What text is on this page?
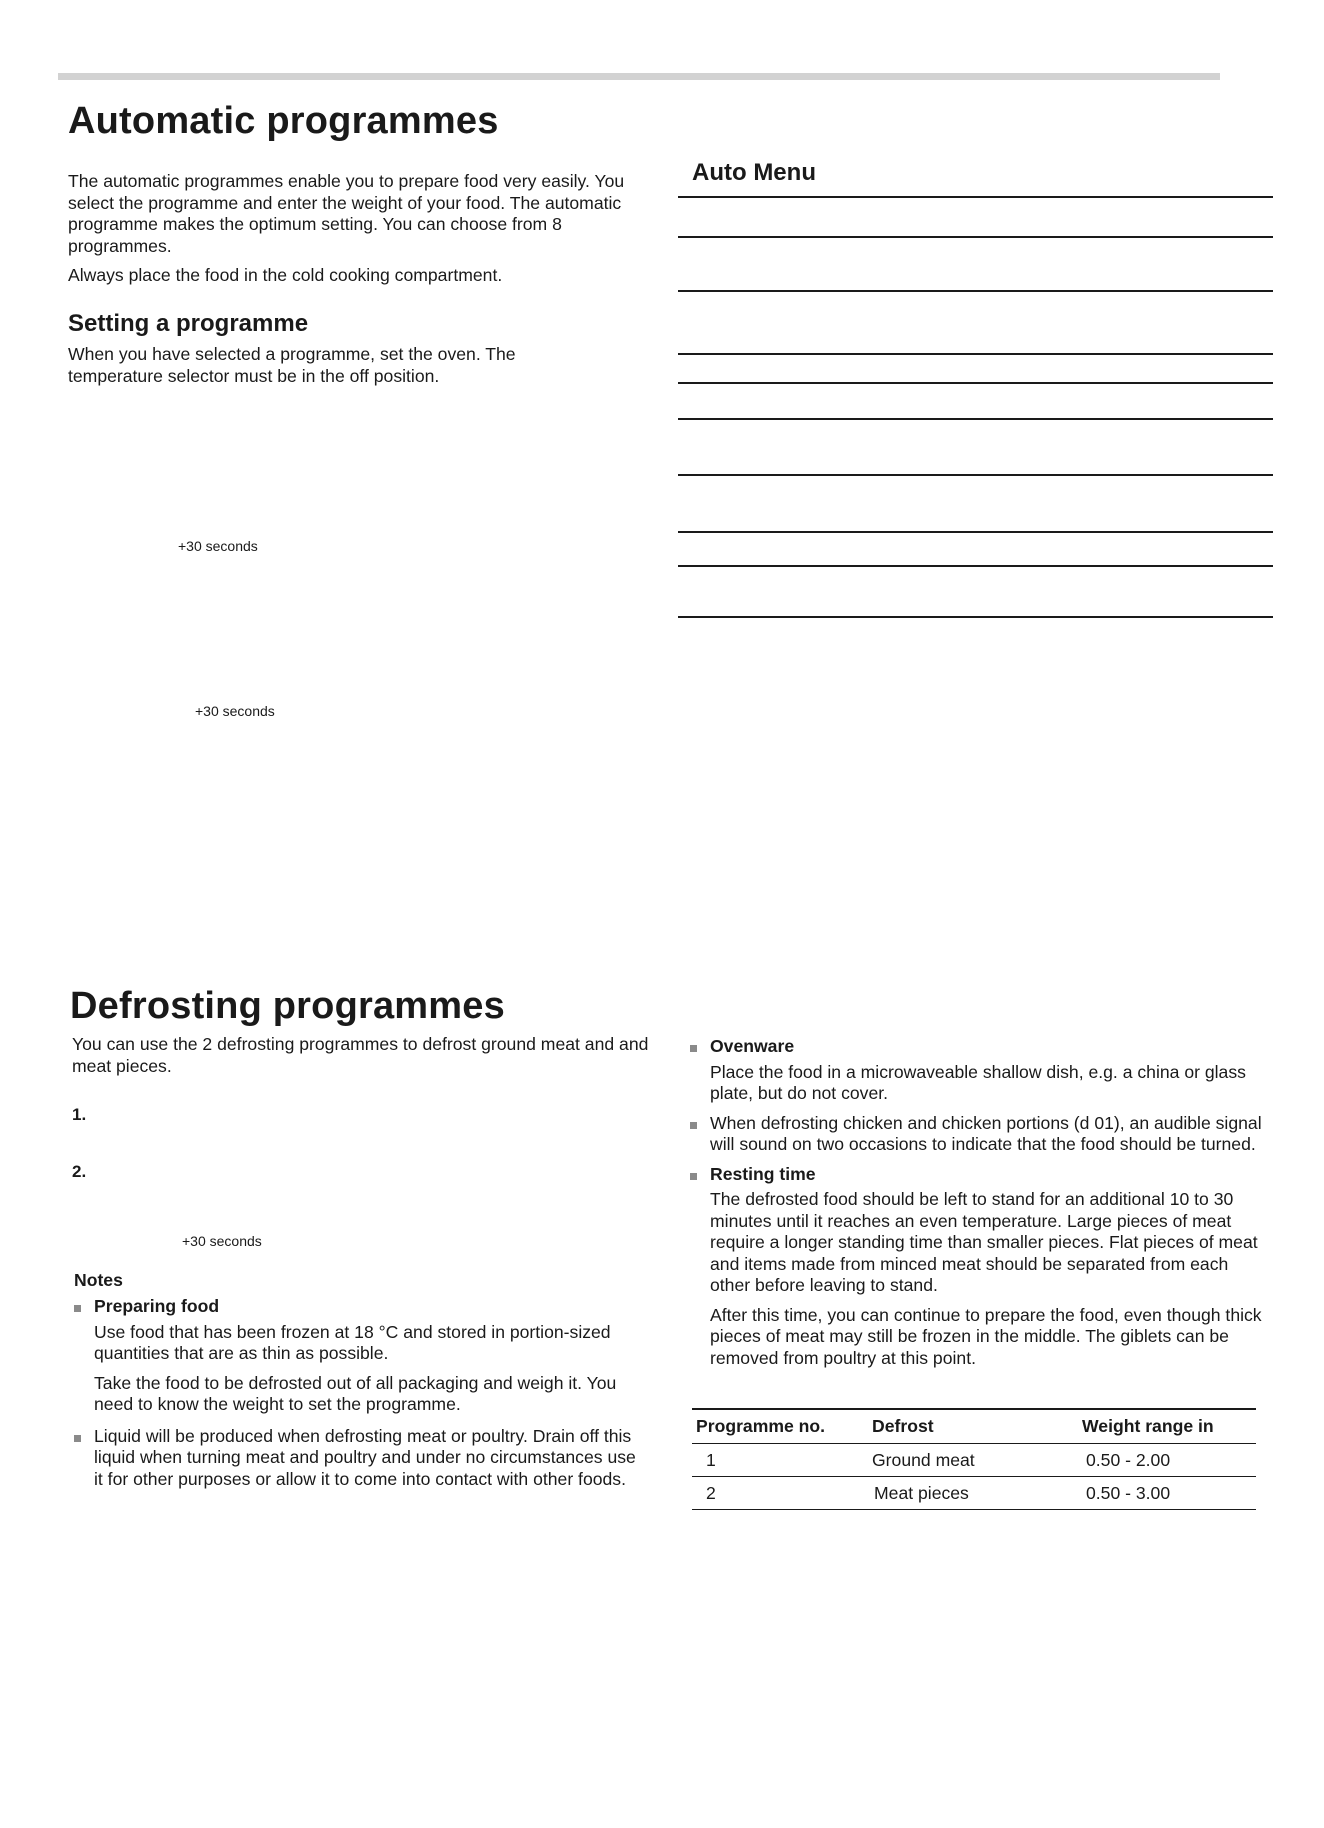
Automatic programmes

The automatic programmes enable you to prepare food very easily. You select the programme and enter the weight of your food. The automatic programme makes the optimum setting. You can choose from 8 programmes.

Always place the food in the cold cooking compartment.

Setting a programme
When you have selected a programme, set the oven. The temperature selector must be in the off position.
+30 seconds
+30 seconds
Auto Menu
Defrosting programmes
You can use the 2 defrosting programmes to defrost ground meat and and meat pieces.
1.
2.
+30 seconds
Notes
Preparing food

Use food that has been frozen at 18 °C and stored in portion-sized quantities that are as thin as possible.

Take the food to be defrosted out of all packaging and weigh it. You need to know the weight to set the programme.

Liquid will be produced when defrosting meat or poultry. Drain off this liquid when turning meat and poultry and under no circumstances use it for other purposes or allow it to come into contact with other foods.
Ovenware

Place the food in a microwaveable shallow dish, e.g. a china or glass plate, but do not cover.

When defrosting chicken and chicken portions (d 01), an audible signal will sound on two occasions to indicate that the food should be turned.
Resting time

The defrosted food should be left to stand for an additional 10 to 30 minutes until it reaches an even temperature. Large pieces of meat require a longer standing time than smaller pieces. Flat pieces of meat and items made from minced meat should be separated from each other before leaving to stand.

After this time, you can continue to prepare the food, even though thick pieces of meat may still be frozen in the middle. The giblets can be removed from poultry at this point.

Programme no.	Defrost	Weight range in
1	Ground meat	0.50 - 2.00
2	Meat pieces	0.50 - 3.00
